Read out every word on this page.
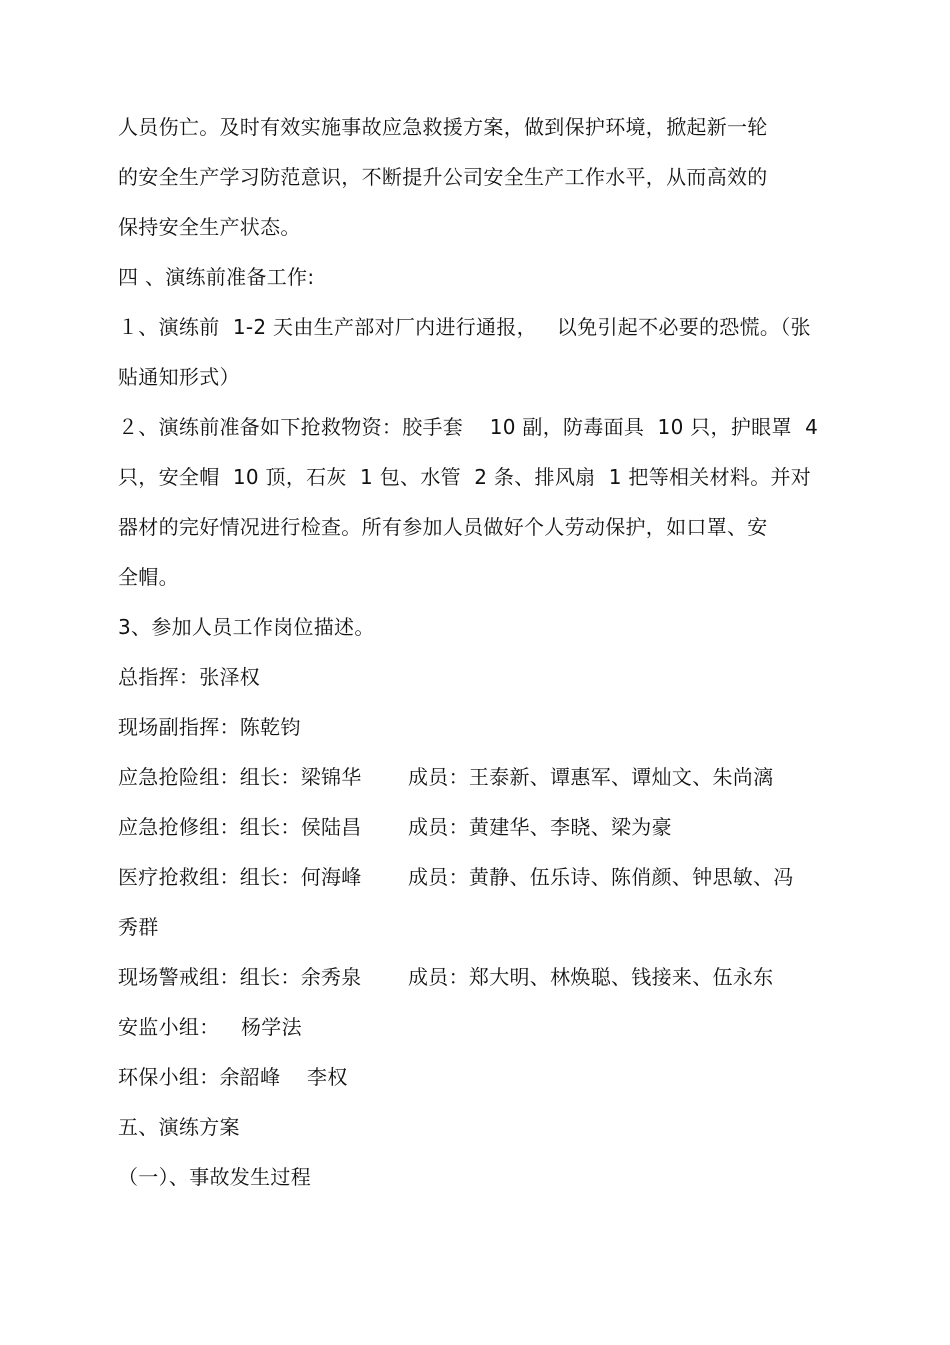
人员伤亡。及时有效实施事故应急救援方案，做到保护环境，掀起新一轮

的安全生产学习防范意识，不断提升公司安全生产工作水平，从而高效的

保持安全生产状态。

四 、演练前准备工作:

１、演练前  1-2 天由生产部对厂内进行通报，   以免引起不必要的恐慌。（张

贴通知形式）

２、演练前准备如下抢救物资：胶手套    10 副，防毒面具  10 只，护眼罩  4

只，安全帽  10 顶，石灰  1 包、水管  2 条、排风扇  1 把等相关材料。并对

器材的完好情况进行检查。所有参加人员做好个人劳动保护，如口罩、安

全帽。

3、参加人员工作岗位描述。

总指挥：张泽权

现场副指挥：陈乾钧

应急抢险组：组长：梁锦华 成员：王泰新、谭惠军、谭灿文、朱尚漓

应急抢修组：组长：侯陆昌 成员：黄建华、李晓、梁为豪

医疗抢救组：组长：何海峰 成员：黄静、伍乐诗、陈俏颜、钟思敏、冯

秀群

现场警戒组：组长：余秀泉 成员：郑大明、林焕聪、钱接来、伍永东

安监小组： 杨学法

环保小组：余韶峰    李权

五、演练方案

（一）、事故发生过程
